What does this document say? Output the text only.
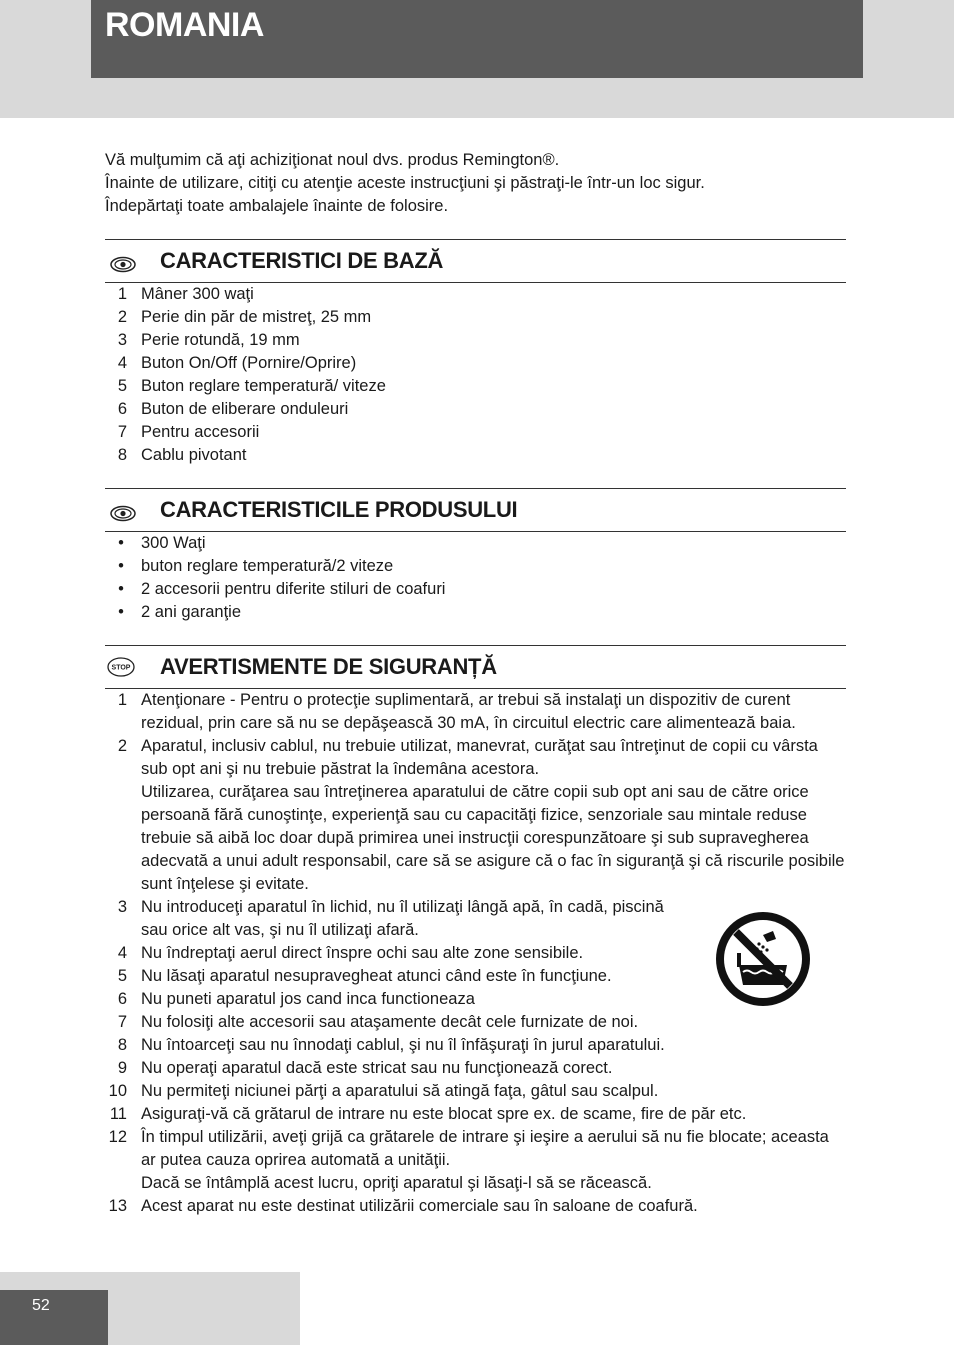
ROMANIA

Vă mulţumim că aţi achiziţionat noul dvs. produs Remington®.

Înainte de utilizare, citiţi cu atenţie aceste instrucţiuni şi păstraţi-le într-un loc sigur.

Îndepărtaţi toate ambalajele înainte de folosire.

CARACTERISTICI DE BAZĂ
1 Mâner 300 waţi
2 Perie din păr de mistreţ, 25 mm
3 Perie rotundă, 19 mm
4 Buton On/Off (Pornire/Oprire)
5 Buton reglare temperatură/ viteze
6 Buton de eliberare onduleuri
7 Pentru accesorii
8 Cablu pivotant
CARACTERISTICILE PRODUSULUI
• 300 Waţi
• buton reglare temperatură/2 viteze
• 2 accesorii pentru diferite stiluri de coafuri
• 2 ani garanţie
STOP AVERTISMENTE DE SIGURANȚĂ
1 Atenţionare - Pentru o protecţie suplimentară, ar trebui să instalaţi un dispozitiv de curent rezidual, prin care să nu se depăşească 30 mA, în circuitul electric care alimentează baia.
2 Aparatul, inclusiv cablul, nu trebuie utilizat, manevrat, curăţat sau întreţinut de copii cu vârsta sub opt ani şi nu trebuie păstrat la îndemâna acestora.
Utilizarea, curăţarea sau întreţinerea aparatului de către copii sub opt ani sau de către orice persoană fără cunoştinţe, experienţă sau cu capacităţi fizice, senzoriale sau mintale reduse trebuie să aibă loc doar după primirea unei instrucţii corespunzătoare şi sub supravegherea adecvată a unui adult responsabil, care să se asigure că o fac în siguranţă şi că riscurile posibile sunt înţelese şi evitate.
3 Nu introduceţi aparatul în lichid, nu îl utilizaţi lângă apă, în cadă, piscină sau orice alt vas, şi nu îl utilizaţi afară.
4 Nu îndreptaţi aerul direct înspre ochi sau alte zone sensibile.
5 Nu lăsaţi aparatul nesupravegheat atunci când este în funcţiune.
6 Nu puneti aparatul jos cand inca functioneaza
7 Nu folosiţi alte accesorii sau ataşamente decât cele furnizate de noi.
8 Nu întoarceţi sau nu înnodaţi cablul, şi nu îl înfăşuraţi în jurul aparatului.
9 Nu operaţi aparatul dacă este stricat sau nu funcţionează corect.
10 Nu permiteţi niciunei părţi a aparatului să atingă faţa, gâtul sau scalpul.
11 Asiguraţi-vă că grătarul de intrare nu este blocat spre ex. de scame, fire de păr etc.
12 În timpul utilizării, aveţi grijă ca grătarele de intrare şi ieşire a aerului să nu fie blocate; aceasta ar putea cauza oprirea automată a unităţii.
Dacă se întâmplă acest lucru, opriţi aparatul şi lăsaţi-l să se răcească.
13 Acest aparat nu este destinat utilizării comerciale sau în saloane de coafură.
52
